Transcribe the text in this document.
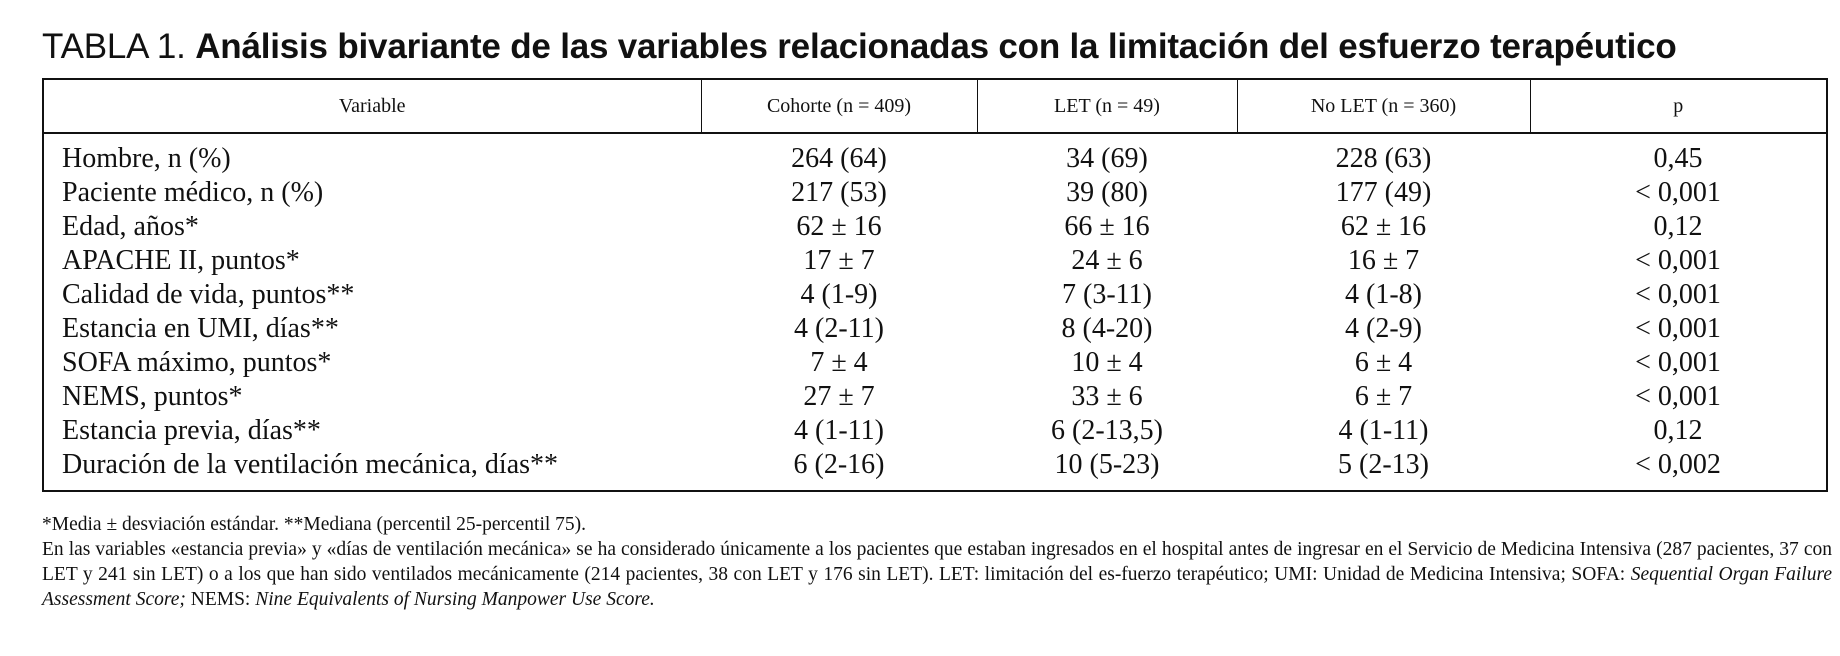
TABLA 1. Análisis bivariante de las variables relacionadas con la limitación del esfuerzo terapéutico
Variable	Cohorte (n = 409)	LET (n = 49)	No LET (n = 360)	p
Hombre, n (%)	264 (64)	34 (69)	228 (63)	0,45
Paciente médico, n (%)	217 (53)	39 (80)	177 (49)	< 0,001
Edad, años*	62 ± 16	66 ± 16	62 ± 16	0,12
APACHE II, puntos*	17 ± 7	24 ± 6	16 ± 7	< 0,001
Calidad de vida, puntos**	4 (1-9)	7 (3-11)	4 (1-8)	< 0,001
Estancia en UMI, días**	4 (2-11)	8 (4-20)	4 (2-9)	< 0,001
SOFA máximo, puntos*	7 ± 4	10 ± 4	6 ± 4	< 0,001
NEMS, puntos*	27 ± 7	33 ± 6	6 ± 7	< 0,001
Estancia previa, días**	4 (1-11)	6 (2-13,5)	4 (1-11)	0,12
Duración de la ventilación mecánica, días**	6 (2-16)	10 (5-23)	5 (2-13)	< 0,002

*Media ± desviación estándar. **Mediana (percentil 25-percentil 75).

En las variables «estancia previa» y «días de ventilación mecánica» se ha considerado únicamente a los pacientes que estaban ingresados en el hospital antes de ingresar en el Servicio de Medicina Intensiva (287 pacientes, 37 con LET y 241 sin LET) o a los que han sido ventilados mecánicamente (214 pacientes, 38 con LET y 176 sin LET). LET: limitación del es-fuerzo terapéutico; UMI: Unidad de Medicina Intensiva; SOFA: Sequential Organ Failure Assessment Score; NEMS: Nine Equivalents of Nursing Manpower Use Score.
